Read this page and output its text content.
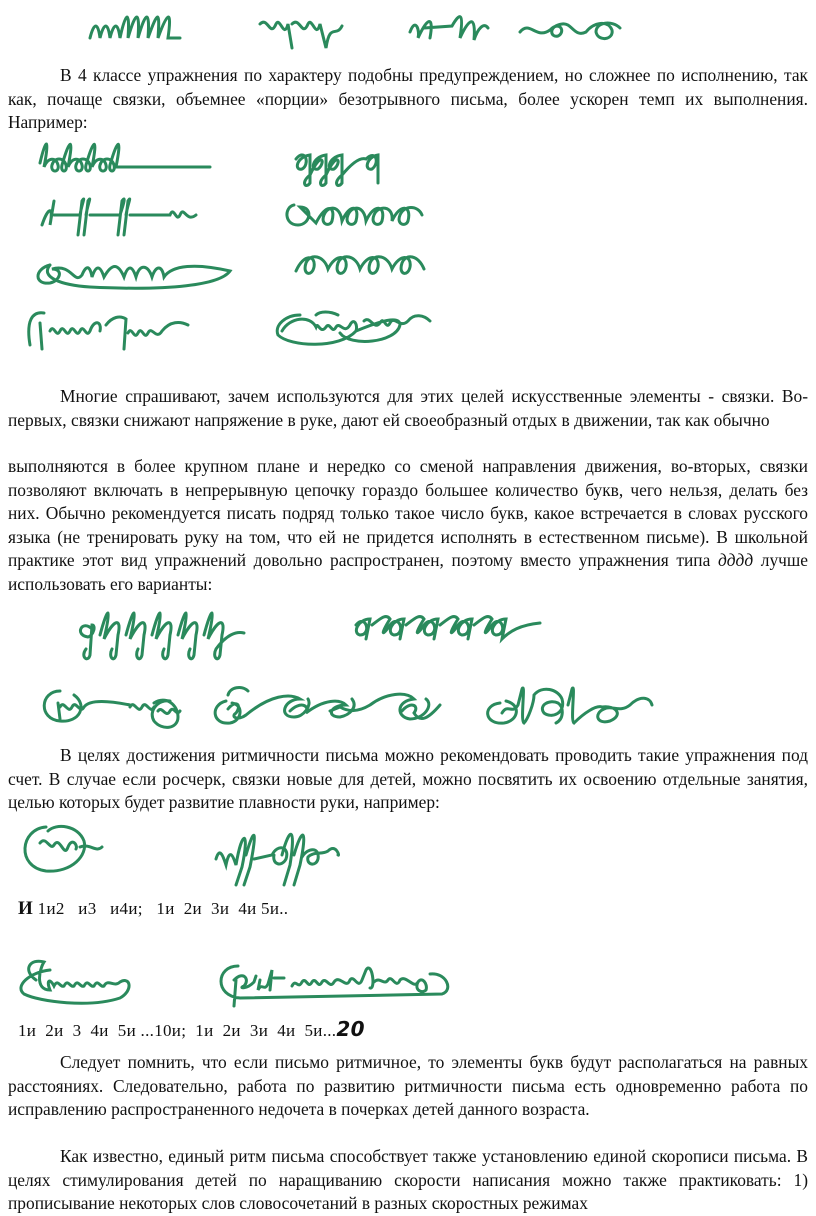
В 4 классе упражнения по характеру подобны предупреждением, но сложнее по исполнению, так как, почаще связки, объемнее «порции» безотрывного письма, более ускорен темп их выполнения. Например:

Многие спрашивают, зачем используются для этих целей искусственные элементы - связки. Во-первых, связки снижают напряжение в руке, дают ей своеобразный отдых в движении, так как обычно

выполняются в более крупном плане и нередко со сменой направления движения, во-вторых, связки позволяют включать в непрерывную цепочку гораздо большее количество букв, чего нельзя, делать без них. Обычно рекомендуется писать подряд только такое число букв, какое встречается в словах русского языка (не тренировать руку на том, что ей не придется исполнять в естественном письме). В школьной практике этот вид упражнений довольно распространен, поэтому вместо упражнения типа дддд лучше использовать его варианты:

В целях достижения ритмичности письма можно рекомендовать проводить такие упражнения под счет. В случае если росчерк, связки новые для детей, можно посвятить их освоению отдельные занятия, целью которых будет развитие плавности руки, например:

И 1и2   и3   и4и;   1и  2и  3и  4и 5и..
1и  2и  3  4и  5и ...10и;  1и  2и  3и  4и  5и...20

Следует помнить, что если письмо ритмичное, то элементы букв будут располагаться на равных расстояниях. Следовательно, работа по развитию ритмичности письма есть одновременно работа по исправлению распространенного недочета в почерках детей данного возраста.

Как известно, единый ритм письма способствует также установлению единой скорописи письма. В целях стимулирования детей по наращиванию скорости написания можно также практиковать: 1) прописывание некоторых слов словосочетаний в разных скоростных режимах
